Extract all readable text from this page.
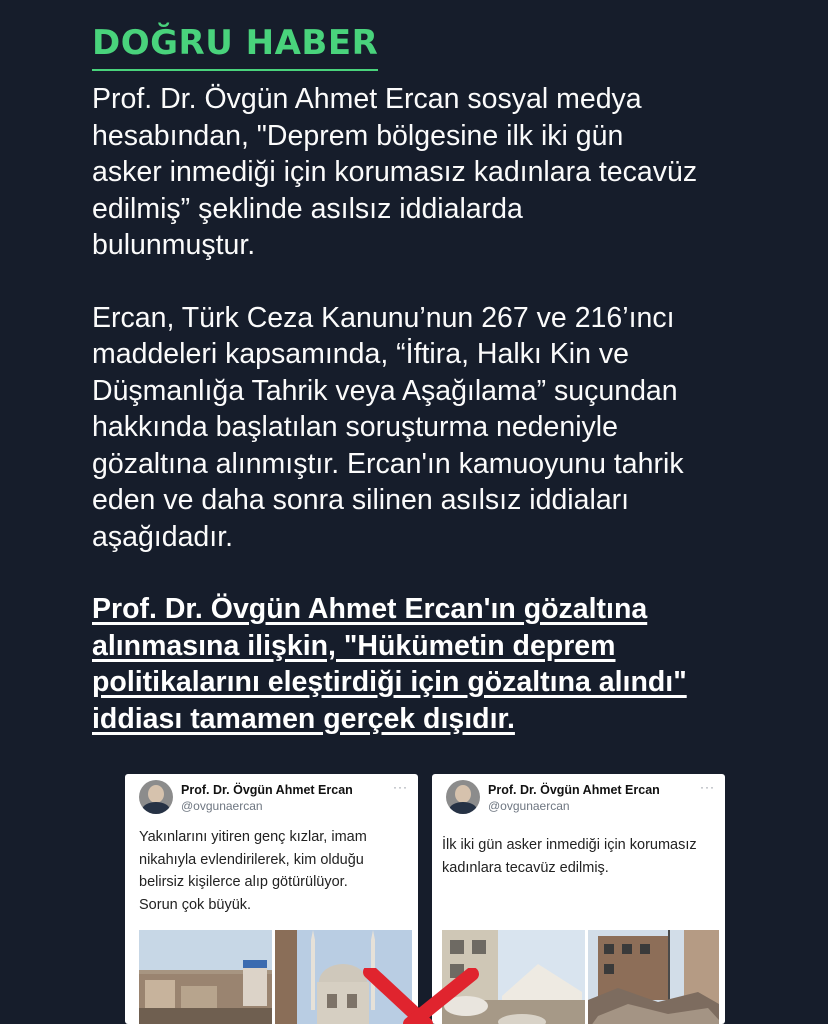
DOĞRU HABER
Prof. Dr. Övgün Ahmet Ercan sosyal medya
hesabından, "Deprem bölgesine ilk iki gün
asker inmediği için korumasız kadınlara tecavüz
edilmiş” şeklinde asılsız iddialarda
bulunmuştur.
Ercan, Türk Ceza Kanunu’nun 267 ve 216’ıncı
maddeleri kapsamında, “İftira, Halkı Kin ve
Düşmanlığa Tahrik veya Aşağılama” suçundan
hakkında başlatılan soruşturma nedeniyle
gözaltına alınmıştır. Ercan'ın kamuoyunu tahrik
eden ve daha sonra silinen asılsız iddiaları
aşağıdadır.
Prof. Dr. Övgün Ahmet Ercan'ın gözaltına
alınmasına ilişkin, "Hükümetin deprem
politikalarını eleştirdiği için gözaltına alındı"
iddiası tamamen gerçek dışıdır.
Prof. Dr. Övgün Ahmet Ercan
@ovgunaercan
···
Yakınlarını yitiren genç kızlar, imam
nikahıyla evlendirilerek, kim olduğu
belirsiz kişilerce alıp götürülüyor.
Sorun çok büyük.
Prof. Dr. Övgün Ahmet Ercan
@ovgunaercan
···
İlk iki gün asker inmediği için korumasız
kadınlara tecavüz edilmiş.
